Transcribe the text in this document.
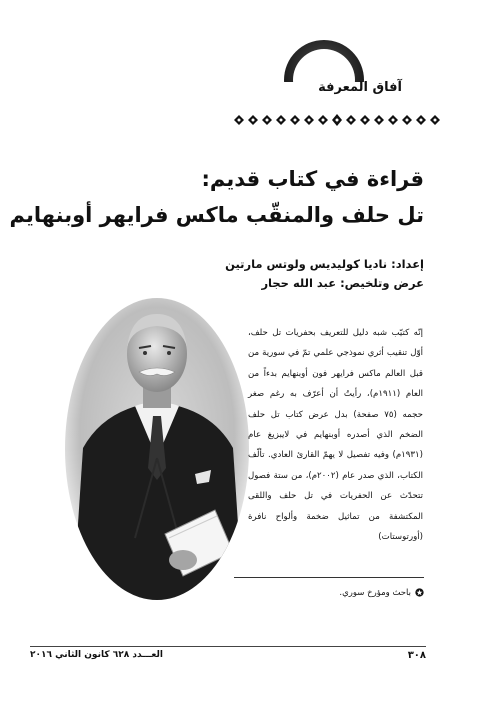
آفاق المعرفة
قراءة في كتاب قديم:
تل حلف والمنقّب ماكس فرايهر أوبنهايم
إعداد: ناديا كوليديس ولوتس مارتين
عرض وتلخيص: عبد الله حجار

إنّه كتيّب شبه دليل للتعريف بحفريات تل حلف، أوّل تنقيب أثري نموذجي علمي تمّ في سورية من قبل العالم ماكس فرايهر فون أوبنهايم بدءاً من العام (١٩١١م)، رأيتُ أن أعرّف به رغم صغر حجمه (٧٥ صفحة) بدل عرض كتاب تل حلف الضخم الذي أصدره أوبنهايم في لايبزيغ عام (١٩٣١م) وفيه تفصيل لا يهمّ القارئ العادي. تألّف الكتاب، الذي صدر عام (٢٠٠٢م)، من ستة فصول تتحدّث عن الحفريات في تل حلف واللقى المكتشفة من تماثيل ضخمة وألواح نافرة (أورتوستات)

باحث ومؤرخ سوري.
٣٠٨
العـــدد ٦٢٨ كانون الثاني ٢٠١٦
